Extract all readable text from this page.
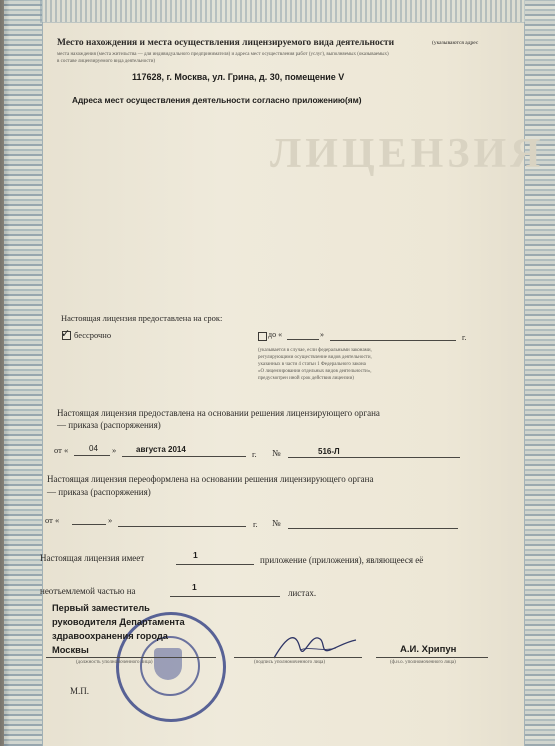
ЛИЦЕНЗИЯ
Место нахождения и места осуществления лицензируемого вида деятельности	(указываются адрес
места нахождения (места жительства — для индивидуального предпринимателя) и адреса мест осуществления работ (услуг), выполняемых (оказываемых)
в составе лицензируемого вида деятельности)
117628, г. Москва, ул. Грина, д. 30, помещение V
Адреса мест осуществления деятельности согласно приложению(ям)
Настоящая лицензия предоставлена на срок:
✓ бессрочно	до «	»	г.
(указывается в случае, если федеральными законами,
регулирующими осуществление видов деятельности,
указанных в части 4 статьи 1 Федерального закона
«О лицензировании отдельных видов деятельности»,
предусмотрен иной срок действия лицензии)
Настоящая лицензия предоставлена на основании решения лицензирующего органа
— приказа (распоряжения)
от «	04 » августа 2014	г. №	516-Л
Настоящая лицензия переоформлена на основании решения лицензирующего органа
— приказа (распоряжения)
от «	»	г. №
Настоящая лицензия имеет	1	приложение (приложения), являющееся её
неотъемлемой частью на	1
листах.
Первый заместитель
руководителя Департамента
здравоохранения города
Москвы
(должность уполномоченного лица)	(подпись уполномоченного лица)
А.И. Хрипун
(ф.и.о. уполномоченного лица)
М.П.
